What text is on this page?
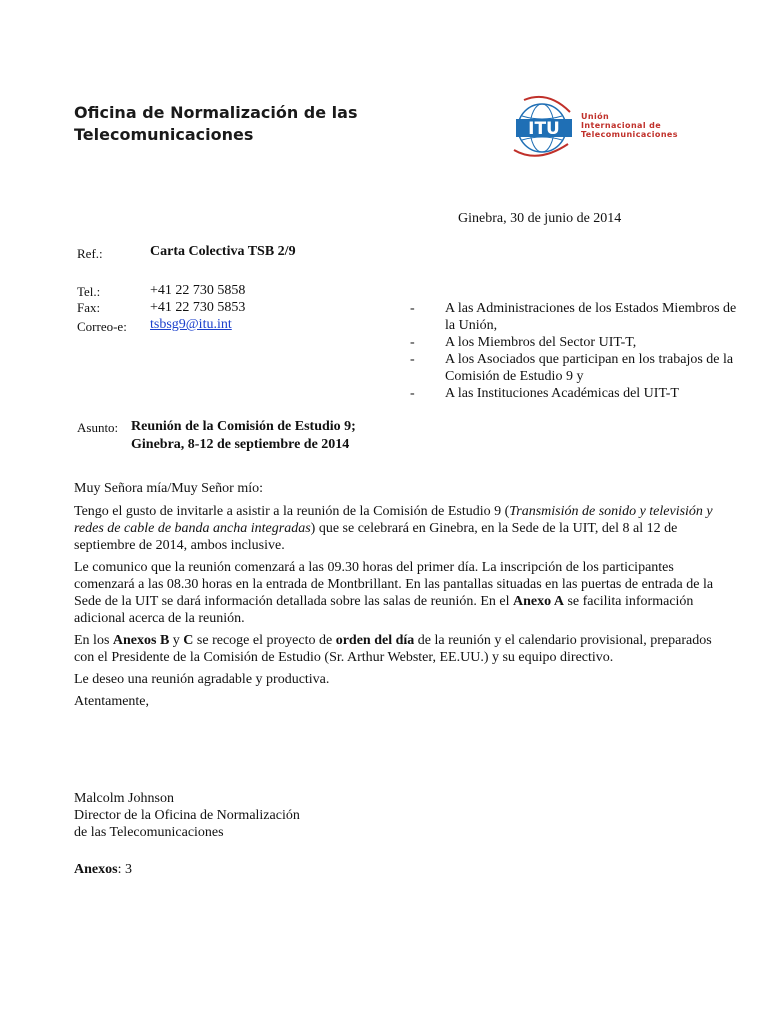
Oficina de Normalización de las
Telecomunicaciones	ITU
Unión
Internacional de
Telecomunicaciones
Ginebra, 30 de junio de 2014
Ref.:	Carta Colectiva TSB 2/9
Tel.:	+41 22 730 5858
Fax:	+41 22 730 5853
Correo-e: tsbsg9@itu.int
-	A las Administraciones de los Estados Miembros de la Unión,
-	A los Miembros del Sector UIT-T,
-	A los Asociados que participan en los trabajos de la Comisión de Estudio 9 y
-	A las Instituciones Académicas del UIT-T
Asunto: Reunión de la Comisión de Estudio 9;
Ginebra, 8-12 de septiembre de 2014

Muy Señora mía/Muy Señor mío:

Tengo el gusto de invitarle a asistir a la reunión de la Comisión de Estudio 9 (Transmisión de sonido y televisión y redes de cable de banda ancha integradas) que se celebrará en Ginebra, en la Sede de la UIT, del 8 al 12 de septiembre de 2014, ambos inclusive.

Le comunico que la reunión comenzará a las 09.30 horas del primer día. La inscripción de los participantes comenzará a las 08.30 horas en la entrada de Montbrillant. En las pantallas situadas en las puertas de entrada de la Sede de la UIT se dará información detallada sobre las salas de reunión. En el Anexo A se facilita información adicional acerca de la reunión.

En los Anexos B y C se recoge el proyecto de orden del día de la reunión y el calendario provisional, preparados con el Presidente de la Comisión de Estudio (Sr. Arthur Webster, EE.UU.) y su equipo directivo.

Le deseo una reunión agradable y productiva.

Atentamente,

Malcolm Johnson
Director de la Oficina de Normalización
de las Telecomunicaciones
Anexos: 3
